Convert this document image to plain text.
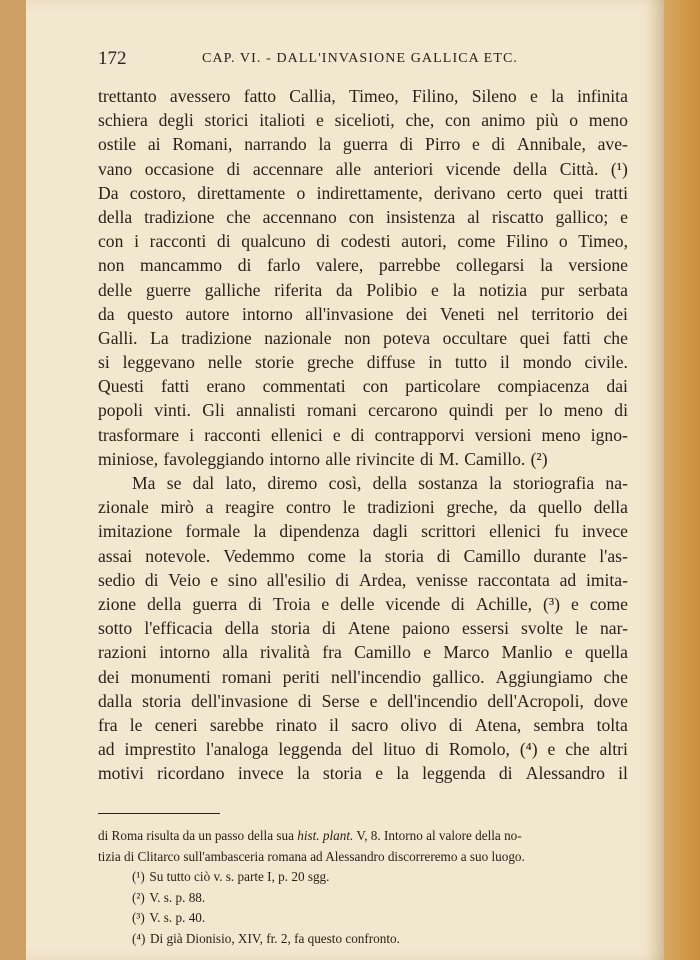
172	CAP. VI. - DALL'INVASIONE GALLICA ETC.
trettanto avessero fatto Callia, Timeo, Filino, Sileno e la infinita
schiera degli storici italioti e sicelioti, che, con animo più o meno
ostile ai Romani, narrando la guerra di Pirro e di Annibale, ave-
vano occasione di accennare alle anteriori vicende della Città. (¹)
Da costoro, direttamente o indirettamente, derivano certo quei tratti
della tradizione che accennano con insistenza al riscatto gallico; e
con i racconti di qualcuno di codesti autori, come Filino o Timeo,
non mancammo di farlo valere, parrebbe collegarsi la versione
delle guerre galliche riferita da Polibio e la notizia pur serbata
da questo autore intorno all'invasione dei Veneti nel territorio dei
Galli. La tradizione nazionale non poteva occultare quei fatti che
si leggevano nelle storie greche diffuse in tutto il mondo civile.
Questi fatti erano commentati con particolare compiacenza dai
popoli vinti. Gli annalisti romani cercarono quindi per lo meno di
trasformare i racconti ellenici e di contrapporvi versioni meno igno-
miniose, favoleggiando intorno alle rivincite di M. Camillo. (²)
Ma se dal lato, diremo così, della sostanza la storiografia na-
zionale mirò a reagire contro le tradizioni greche, da quello della
imitazione formale la dipendenza dagli scrittori ellenici fu invece
assai notevole. Vedemmo come la storia di Camillo durante l'as-
sedio di Veio e sino all'esilio di Ardea, venisse raccontata ad imita-
zione della guerra di Troia e delle vicende di Achille, (³) e come
sotto l'efficacia della storia di Atene paiono essersi svolte le nar-
razioni intorno alla rivalità fra Camillo e Marco Manlio e quella
dei monumenti romani periti nell'incendio gallico. Aggiungiamo che
dalla storia dell'invasione di Serse e dell'incendio dell'Acropoli, dove
fra le ceneri sarebbe rinato il sacro olivo di Atena, sembra tolta
ad imprestito l'analoga leggenda del lituo di Romolo, (⁴) e che altri
motivi ricordano invece la storia e la leggenda di Alessandro il
di Roma risulta da un passo della sua hist. plant. V, 8. Intorno al valore della no-
tizia di Clitarco sull'ambasceria romana ad Alessandro discorreremo a suo luogo.
(¹) Su tutto ciò v. s. parte I, p. 20 sgg.
(²) V. s. p. 88.
(³) V. s. p. 40.
(⁴) Di già Dionisio, XIV, fr. 2, fa questo confronto.
